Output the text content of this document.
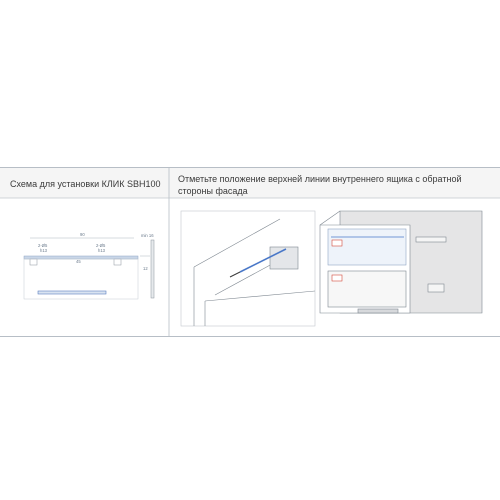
90
2-Ø5
h13
2-Ø5
h13
45
min 16
12
Схема для установки КЛИК SBH100	Отметьте положение верхней линии внутреннего ящика с обратной стороны фасада
